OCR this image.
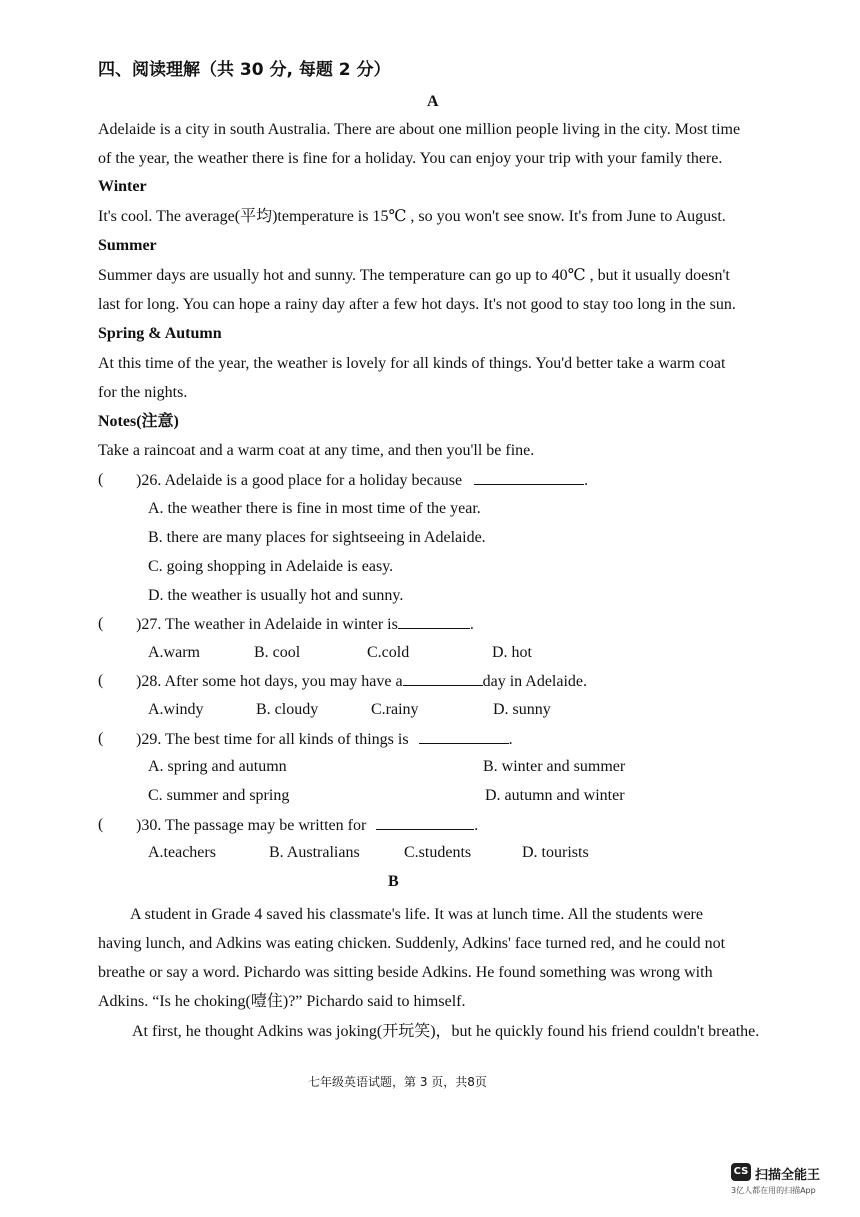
四、阅读理解（共 30 分, 每题 2 分）
A
Adelaide is a city in south Australia. There are about one million people living in the city. Most time
of the year, the weather there is fine for a holiday. You can enjoy your trip with your family there.
Winter
It's cool. The average(平均)temperature is 15℃ , so you won't see snow. It's from June to August.
Summer
Summer days are usually hot and sunny. The temperature can go up to 40℃ , but it usually doesn't
last for long. You can hope a rainy day after a few hot days. It's not good to stay too long in the sun.
Spring & Autumn
At this time of the year, the weather is lovely for all kinds of things. You'd better take a warm coat
for the nights.
Notes(注意)
Take a raincoat and a warm coat at any time, and then you'll be fine.
( )26. Adelaide is a good place for a holiday because	.
A. the weather there is fine in most time of the year.
B. there are many places for sightseeing in Adelaide.
C. going shopping in Adelaide is easy.
D. the weather is usually hot and sunny.
( )27. The weather in Adelaide in winter is	.
A.warm	B. cool	C.cold	D. hot
( )28. After some hot days, you may have a	day in Adelaide.
A.windy	B. cloudy	C.rainy	D. sunny
( )29. The best time for all kinds of things is	.
A. spring and autumn	B. winter and summer
C. summer and spring	D. autumn and winter
( )30. The passage may be written for	.
A.teachers	B. Australians	C.students	D. tourists
B
A student in Grade 4 saved his classmate's life. It was at lunch time. All the students were
having lunch, and Adkins was eating chicken. Suddenly, Adkins' face turned red, and he could not
breathe or say a word. Pichardo was sitting beside Adkins. He found something was wrong with
Adkins. “Is he choking(噎住)?” Pichardo said to himself.
At first, he thought Adkins was joking(开玩笑)，but he quickly found his friend couldn't breathe.
七年级英语试题，第 3 页，共8页
CS 扫描全能王
3亿人都在用的扫描App
